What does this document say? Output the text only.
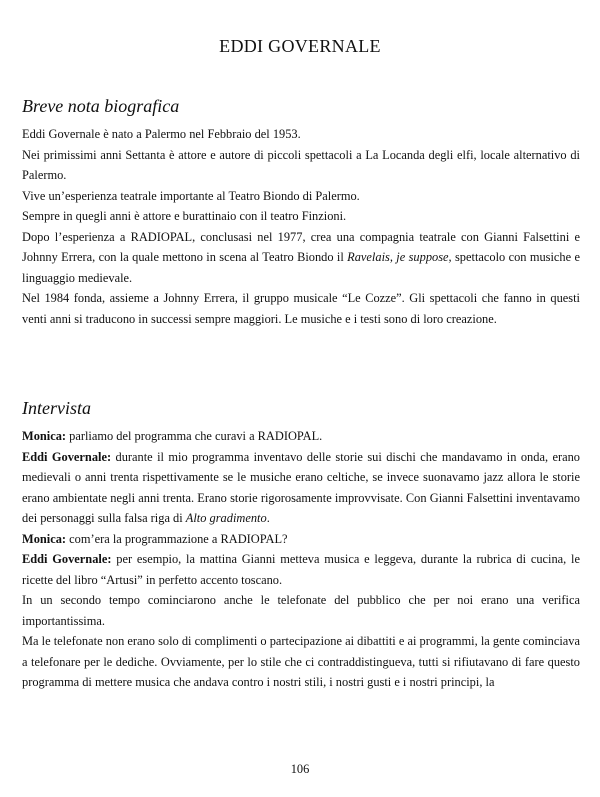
EDDI GOVERNALE
Breve nota biografica

Eddi Governale è nato a Palermo nel Febbraio del 1953.

Nei primissimi anni Settanta è attore e autore di piccoli spettacoli a La Locanda degli elfi, locale alternativo di Palermo.

Vive un’esperienza teatrale importante al Teatro Biondo di Palermo.

Sempre in quegli anni è attore e burattinaio con il teatro Finzioni.

Dopo l’esperienza a RADIOPAL, conclusasi nel 1977, crea una compagnia teatrale con Gianni Falsettini e Johnny Errera, con la quale mettono in scena al Teatro Biondo il Ravelais, je suppose, spettacolo con musiche e linguaggio medievale.

Nel 1984 fonda, assieme a Johnny Errera, il gruppo musicale “Le Cozze”. Gli spettacoli che fanno in questi venti anni si traducono in successi sempre maggiori. Le musiche e i testi sono di loro creazione.

Intervista

Monica: parliamo del programma che curavi a RADIOPAL.

Eddi Governale: durante il mio programma inventavo delle storie sui dischi che mandavamo in onda, erano medievali o anni trenta rispettivamente se le musiche erano celtiche, se invece suonavamo jazz allora le storie erano ambientate negli anni trenta. Erano storie rigorosamente improvvisate. Con Gianni Falsettini inventavamo dei personaggi sulla falsa riga di Alto gradimento.

Monica: com’era la programmazione a RADIOPAL?

Eddi Governale: per esempio, la mattina Gianni metteva musica e leggeva, durante la rubrica di cucina, le ricette del libro “Artusi” in perfetto accento toscano.

In un secondo tempo cominciarono anche le telefonate del pubblico che per noi erano una verifica importantissima.

Ma le telefonate non erano solo di complimenti o partecipazione ai dibattiti e ai programmi, la gente cominciava a telefonare per le dediche. Ovviamente, per lo stile che ci contraddistingueva, tutti si rifiutavano di fare questo programma di mettere musica che andava contro i nostri stili, i nostri gusti e i nostri principi, la

106
